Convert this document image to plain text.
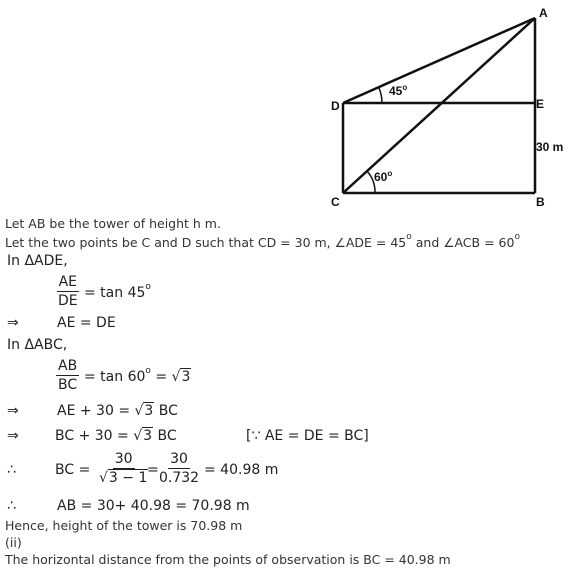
A
D	E
C	B
30 m
45$^o$
60$^o$
Let AB be the tower of height h m.
Let the two points be C and D such that CD = 30 m, ∠ADE = $45^o$ and ∠ACB = $60^o$
In ΔADE,
$\frac{AE}{DE} = \tan 45^o$
⇒	AE = DE
In ΔABC,
$\frac{AB}{BC} = \tan 60^o = √3$
⇒	AE + 30 = √3 BC
⇒	BC + 30 = √3 BC	[∵ AE = DE = BC]
∴	BC = $\frac{30}{√3 - 1}$
=
$\frac{30}{0.732} = 40.98$ m
∴	AB = 30+ 40.98 = 70.98 m
Hence, height of the tower is 70.98 m
(ii)
The horizontal distance from the points of observation is BC = 40.98 m
